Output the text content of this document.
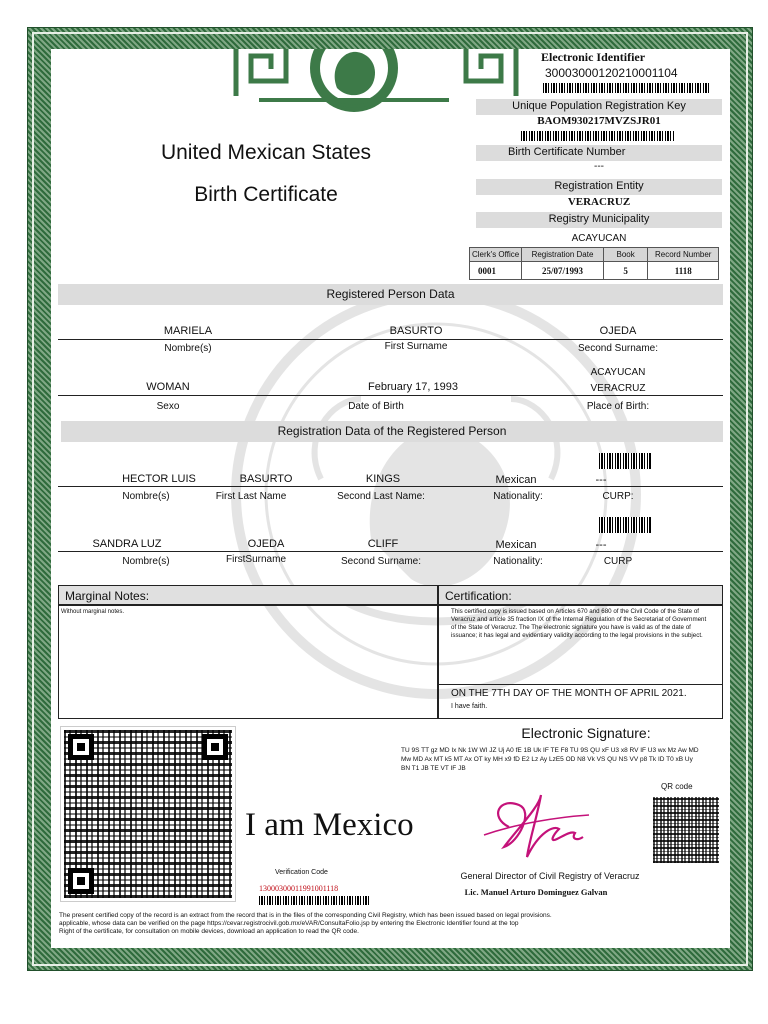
United Mexican States
Birth Certificate
Electronic Identifier
30003000120210001104
Unique Population Registration Key
BAOM930217MVZSJR01
Birth Certificate Number
---
Registration Entity
VERACRUZ
Registry Municipality
ACAYUCAN
Clerk's Office	Registration Date	Book	Record Number
0001	25/07/1993	5	1118
Registered Person Data
MARIELA	BASURTO	OJEDA
Nombre(s)	First Surname	Second Surname:
ACAYUCAN
WOMAN	February 17, 1993	VERACRUZ
Sexo	Date of Birth	Place of Birth:
Registration Data of the Registered Person
HECTOR LUIS	BASURTO	KINGS	Mexican	---
Nombre(s)	First Last Name	Second Last Name:	Nationality:	CURP:
SANDRA LUZ	OJEDA	CLIFF	Mexican	---
Nombre(s)	FirstSurname	Second Surname:	Nationality:	CURP
Marginal Notes:	Certification:
Without marginal notes.	This certified copy is issued based on Articles 670 and 680 of the Civil Code of the State of Veracruz and article 35 fraction IX of the Internal Regulation of the Secretariat of Government of the State of Veracruz. The The electronic signature you have is valid as of the date of issuance; it has legal and evidentiary validity according to the legal provisions in the subject.
ON THE 7TH DAY OF THE MONTH OF APRIL 2021.
I have faith.
Electronic Signature:
TU 9S TT gz MD Ix Nk 1W WI JZ Uj A0 fE 1B Uk IF TE F8 TU 9S QU xF U3 x8 RV IF U3 wx Mz Aw MD Mw MD Ax MT k5 MT Ax OT ky MH x9 fD E2 Lz Ay LzE5 OD N8 Vk VS QU NS VV p8 Tk ID T0 xB Uy BN T1 JB TE VT IF JB
QR code
I am Mexico
Verification Code
13000300011991001118
General Director of Civil Registry of Veracruz
Lic. Manuel Arturo Dominguez Galvan
The present certified copy of the record is an extract from the record that is in the files of the corresponding Civil Registry, which has been issued based on legal provisions.
applicable, whose data can be verified on the page https://cevar.registrocivil.gob.mx/eVAR/ConsultaFolio.jsp by entering the Electronic Identifier found at the top
Right of the certificate, for consultation on mobile devices, download an application to read the QR code.
